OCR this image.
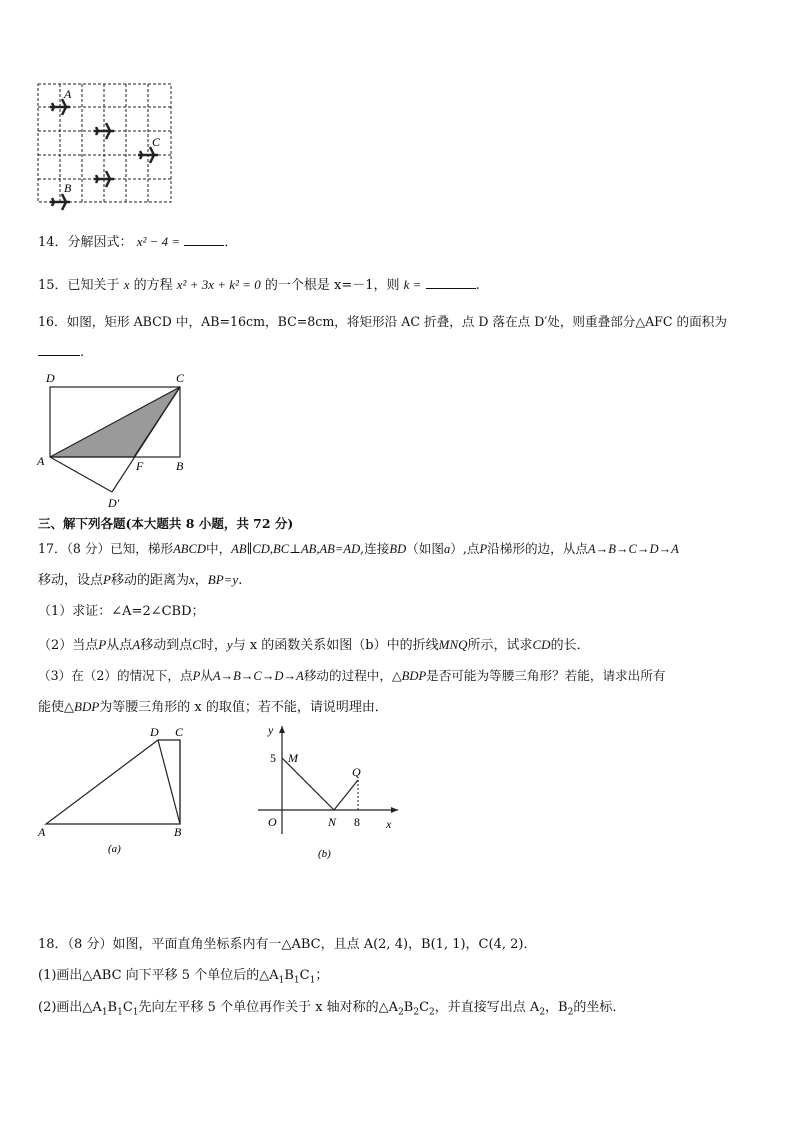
A
C
B
14．分解因式： x² − 4 =	．
15．已知关于 x 的方程 x² + 3x + k² = 0 的一个根是 x=－1，则 k =	.
16．如图，矩形 ABCD 中，AB=16cm，BC=8cm，将矩形沿 AC 折叠，点 D 落在点 D′处，则重叠部分△AFC 的面积为
.
D	C
A	F	B
D′
三、解下列各题(本大题共 8 小题，共 72 分)
17．（8 分）已知，梯形ABCD中，AB∥CD,BC⊥AB,AB=AD,连接BD（如图a）,点P沿梯形的边，从点A→B→C→D→A
移动，设点P移动的距离为x，BP=y.
（1）求证：∠A=2∠CBD；
（2）当点P从点A移动到点C时，y与 x 的函数关系如图（b）中的折线MNQ所示，试求CD的长．
（3）在（2）的情况下，点P从A→B→C→D→A移动的过程中，△BDP是否可能为等腰三角形？若能，请求出所有
能使△BDP为等腰三角形的 x 的取值；若不能，请说明理由．
D C
A	B
(a)
y
5 M
Q
O	N 8 x
(b)
18．（8 分）如图，平面直角坐标系内有一△ABC，且点 A(2, 4)，B(1, 1)，C(4, 2)．
(1)画出△ABC 向下平移 5 个单位后的$\triangle A_1B_1C_1$；
(2)画出$\triangle A_1B_1C_1$先向左平移 5 个单位再作关于 x 轴对称的$\triangle A_2B_2C_2$，并直接写出点 $A_2$，$B_2$的坐标．
